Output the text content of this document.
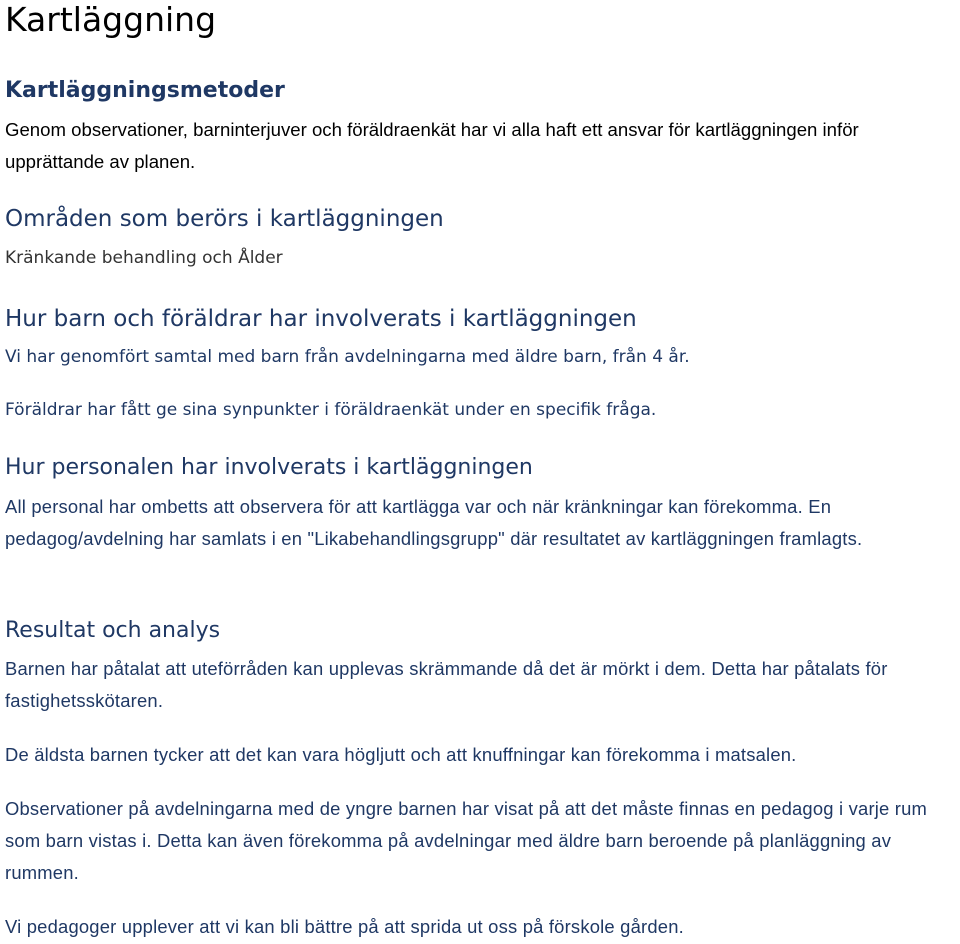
Kartläggning
Kartläggningsmetoder

Genom observationer, barninterjuver och föräldraenkät har vi alla haft ett ansvar för kartläggningen inför upprättande av planen.

Områden som berörs i kartläggningen

Kränkande behandling och Ålder

Hur barn och föräldrar har involverats i kartläggningen

Vi har genomfört samtal med barn från avdelningarna med äldre barn, från 4 år.

Föräldrar har fått ge sina synpunkter i föräldraenkät under en specifik fråga.

Hur personalen har involverats i kartläggningen

All personal har ombetts att observera för att kartlägga var och när kränkningar kan förekomma. En pedagog/avdelning har samlats i en "Likabehandlingsgrupp" där resultatet av kartläggningen framlagts.

Resultat och analys

Barnen har påtalat att uteförråden kan upplevas skrämmande då det är mörkt i dem. Detta har påtalats för fastighetsskötaren.

De äldsta barnen tycker att det kan vara högljutt och att knuffningar kan förekomma i matsalen.

Observationer på avdelningarna med de yngre barnen har visat på att det måste finnas en pedagog i varje rum som barn vistas i. Detta kan även förekomma på avdelningar med äldre barn beroende på planläggning av rummen.

Vi pedagoger upplever att vi kan bli bättre på att sprida ut oss på förskole gården.
